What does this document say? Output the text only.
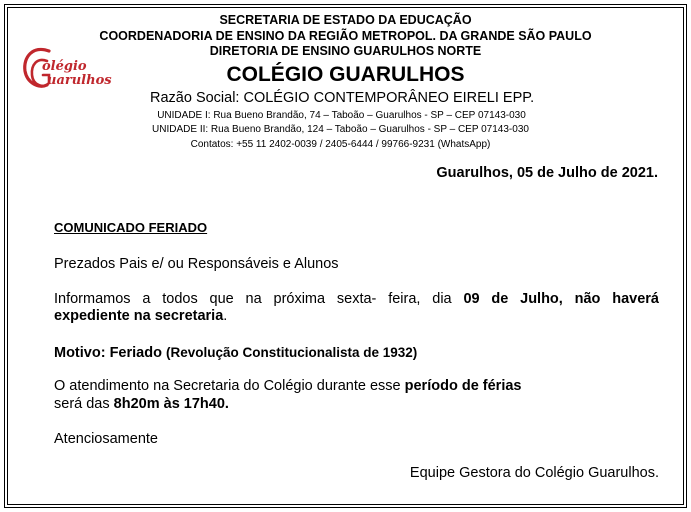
olégio
uarulhos
SECRETARIA DE ESTADO DA EDUCAÇÃO
COORDENADORIA DE ENSINO DA REGIÃO METROPOL. DA GRANDE SÃO PAULO
DIRETORIA DE ENSINO GUARULHOS NORTE
COLÉGIO GUARULHOS
Razão Social: COLÉGIO CONTEMPORÂNEO EIRELI EPP.
UNIDADE I: Rua Bueno Brandão, 74 – Taboão – Guarulhos - SP – CEP 07143-030
UNIDADE II: Rua Bueno Brandão, 124 – Taboão – Guarulhos - SP – CEP 07143-030
Contatos: +55 11 2402-0039 / 2405-6444 / 99766-9231 (WhatsApp)
Guarulhos, 05 de Julho de 2021.
COMUNICADO FERIADO
Prezados Pais e/ ou Responsáveis e Alunos
Informamos a todos que na próxima sexta- feira, dia 09 de Julho, não haverá
expediente na secretaria.
Motivo: Feriado (Revolução Constitucionalista de 1932)
O atendimento na Secretaria do Colégio durante esse período de férias
será das 8h20m às 17h40.
Atenciosamente
Equipe Gestora do Colégio Guarulhos.
